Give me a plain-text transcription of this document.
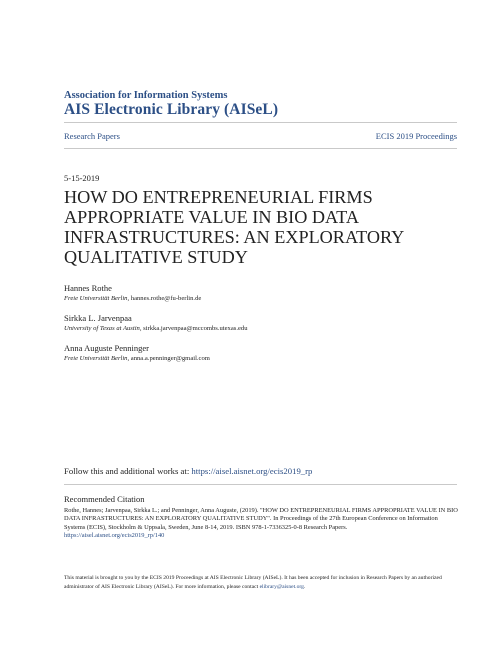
Association for Information Systems
AIS Electronic Library (AISeL)
Research Papers	ECIS 2019 Proceedings
5-15-2019
HOW DO ENTREPRENEURIAL FIRMS APPROPRIATE VALUE IN BIO DATA INFRASTRUCTURES: AN EXPLORATORY QUALITATIVE STUDY
Hannes Rothe
Freie Universität Berlin, hannes.rothe@fu-berlin.de
Sirkka L. Jarvenpaa
University of Texas at Austin, sirkka.jarvenpaa@mccombs.utexas.edu
Anna Auguste Penninger
Freie Universität Berlin, anna.a.penninger@gmail.com
Follow this and additional works at: https://aisel.aisnet.org/ecis2019_rp
Recommended Citation
Rothe, Hannes; Jarvenpaa, Sirkka L.; and Penninger, Anna Auguste, (2019). "HOW DO ENTREPRENEURIAL FIRMS APPROPRIATE VALUE IN BIO DATA INFRASTRUCTURES: AN EXPLORATORY QUALITATIVE STUDY". In Proceedings of the 27th European Conference on Information Systems (ECIS), Stockholm & Uppsala, Sweden, June 8-14, 2019. ISBN 978-1-7336325-0-8 Research Papers.
https://aisel.aisnet.org/ecis2019_rp/140
This material is brought to you by the ECIS 2019 Proceedings at AIS Electronic Library (AISeL). It has been accepted for inclusion in Research Papers by an authorized administrator of AIS Electronic Library (AISeL). For more information, please contact elibrary@aisnet.org.
